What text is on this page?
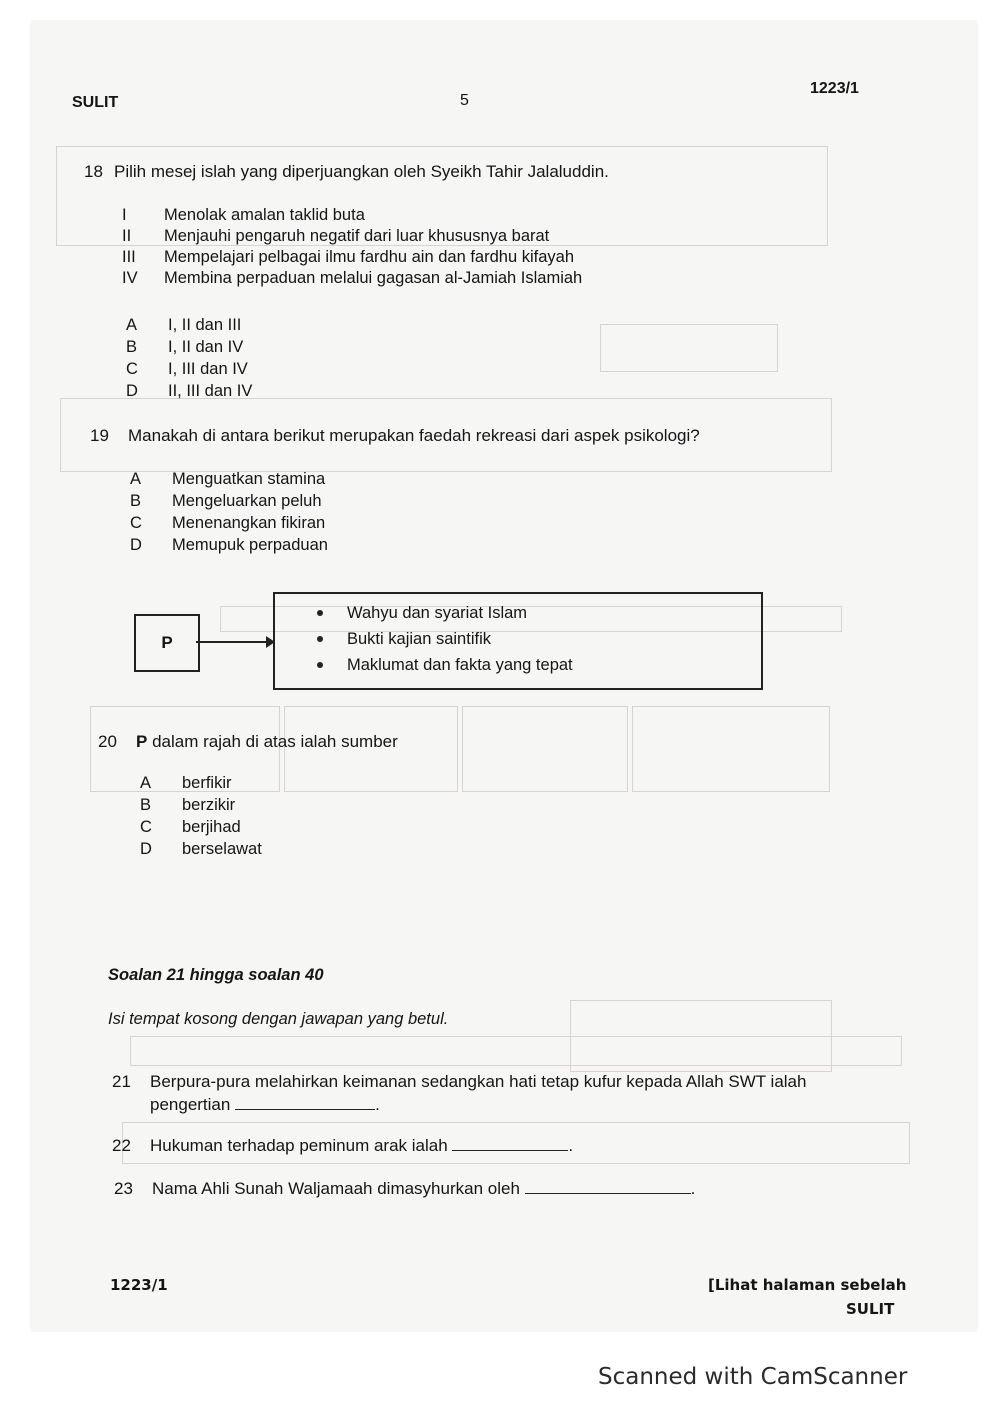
SULIT	5
1223/1
18 Pilih mesej islah yang diperjuangkan oleh Syeikh Tahir Jalaluddin.
I Menolak amalan taklid buta
II Menjauhi pengaruh negatif dari luar khususnya barat
III Mempelajari pelbagai ilmu fardhu ain dan fardhu kifayah
IV Membina perpaduan melalui gagasan al-Jamiah Islamiah
A I, II dan III
B I, II dan IV
C I, III dan IV
D II, III dan IV
19 Manakah di antara berikut merupakan faedah rekreasi dari aspek psikologi?
A Menguatkan stamina
B Mengeluarkan peluh
C Menenangkan fikiran
D Memupuk perpaduan
P
Wahyu dan syariat Islam
Bukti kajian saintifik
Maklumat dan fakta yang tepat
20 P dalam rajah di atas ialah sumber
A berfikir
B berzikir
C berjihad
D berselawat
Soalan 21 hingga soalan 40
Isi tempat kosong dengan jawapan yang betul.
21 Berpura-pura melahirkan keimanan sedangkan hati tetap kufur kepada Allah SWT ialah
pengertian	.
22 Hukuman terhadap peminum arak ialah	.
23 Nama Ahli Sunah Waljamaah dimasyhurkan oleh	.
1223/1	[Lihat halaman sebelah
SULIT
Scanned with CamScanner
